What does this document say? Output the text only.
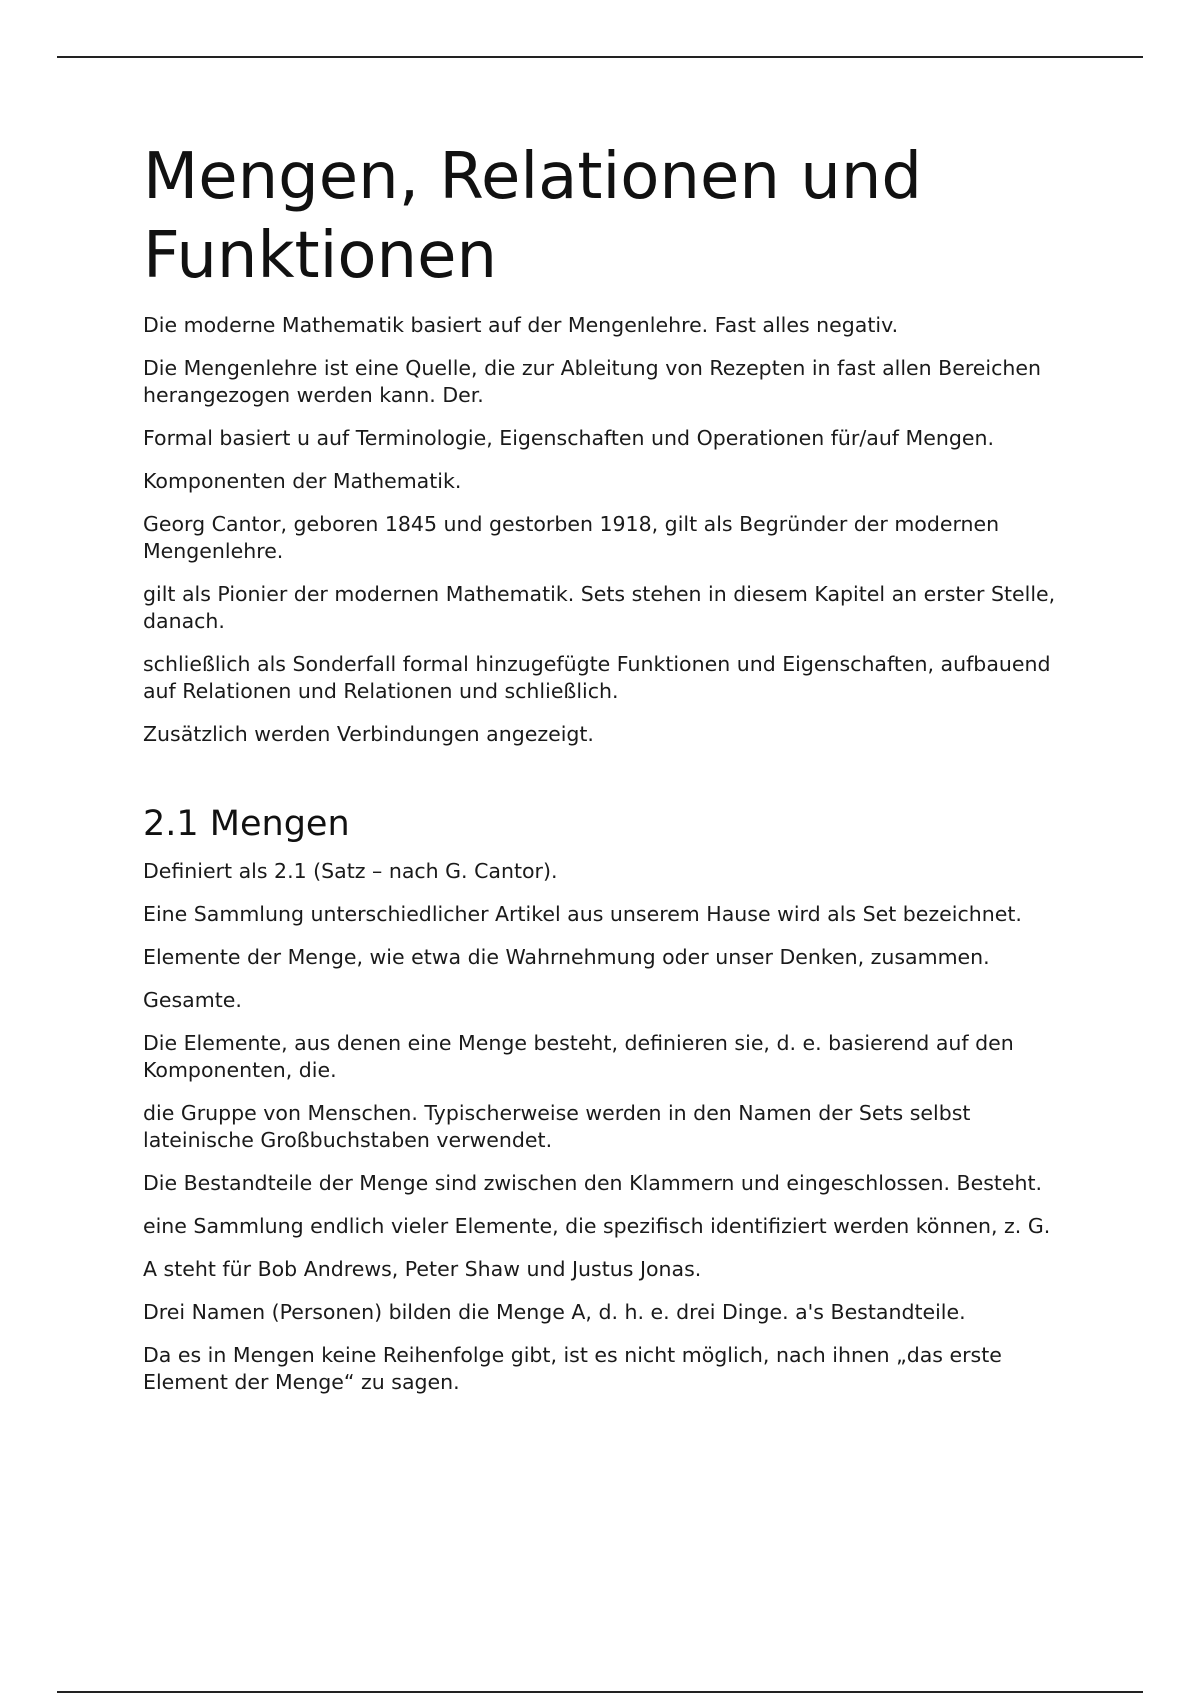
Mengen, Relationen und Funktionen

Die moderne Mathematik basiert auf der Mengenlehre. Fast alles negativ.

Die Mengenlehre ist eine Quelle, die zur Ableitung von Rezepten in fast allen Bereichen herangezogen werden kann. Der.

Formal basiert u auf Terminologie, Eigenschaften und Operationen für/auf Mengen.

Komponenten der Mathematik.

Georg Cantor, geboren 1845 und gestorben 1918, gilt als Begründer der modernen Mengenlehre.

gilt als Pionier der modernen Mathematik. Sets stehen in diesem Kapitel an erster Stelle, danach.

schließlich als Sonderfall formal hinzugefügte Funktionen und Eigenschaften, aufbauend auf Relationen und Relationen und schließlich.

Zusätzlich werden Verbindungen angezeigt.

2.1 Mengen

Definiert als 2.1 (Satz – nach G. Cantor).

Eine Sammlung unterschiedlicher Artikel aus unserem Hause wird als Set bezeichnet.

Elemente der Menge, wie etwa die Wahrnehmung oder unser Denken, zusammen.

Gesamte.

Die Elemente, aus denen eine Menge besteht, definieren sie, d. e. basierend auf den Komponenten, die.

die Gruppe von Menschen. Typischerweise werden in den Namen der Sets selbst lateinische Großbuchstaben verwendet.

Die Bestandteile der Menge sind zwischen den Klammern und eingeschlossen. Besteht.

eine Sammlung endlich vieler Elemente, die spezifisch identifiziert werden können, z. G.

A steht für Bob Andrews, Peter Shaw und Justus Jonas.

Drei Namen (Personen) bilden die Menge A, d. h. e. drei Dinge. a's Bestandteile.

Da es in Mengen keine Reihenfolge gibt, ist es nicht möglich, nach ihnen „das erste Element der Menge“ zu sagen.
